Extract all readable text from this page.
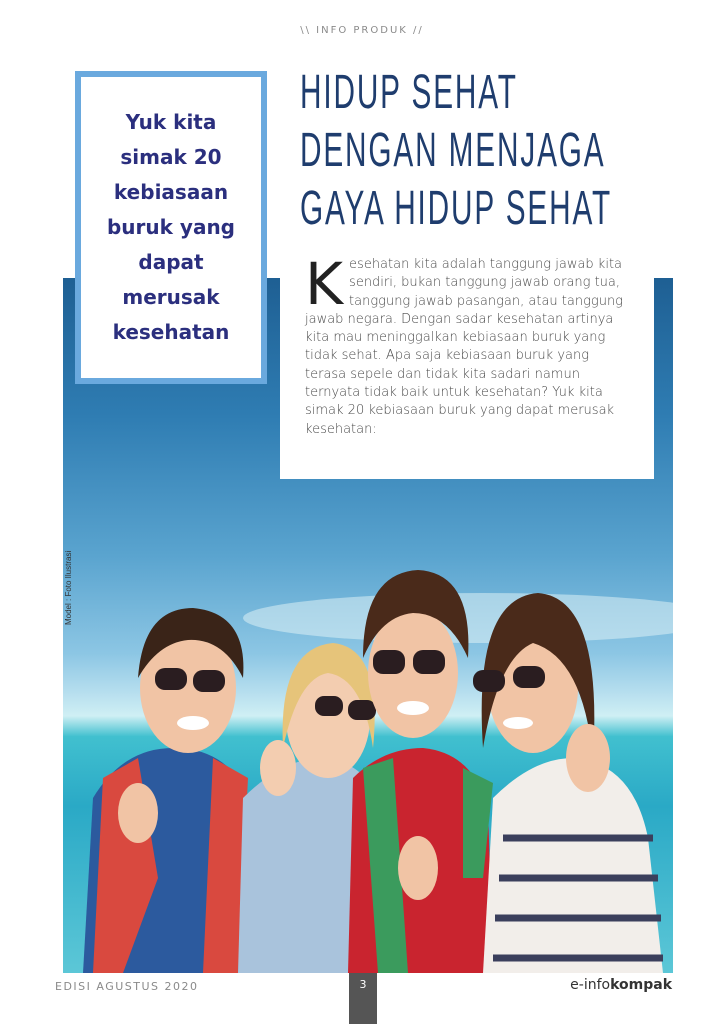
\\ INFO PRODUK //
Model : Foto Ilustrasi

Yuk kita simak 20 kebiasaan buruk yang dapat merusak kesehatan

HIDUP SEHAT
DENGAN MENJAGA
GAYA HIDUP SEHAT

Kesehatan kita adalah tanggung jawab kita sendiri, bukan tanggung jawab orang tua, tanggung jawab pasangan, atau tanggung jawab negara. Dengan sadar kesehatan artinya kita mau meninggalkan kebiasaan buruk yang tidak sehat. Apa saja kebiasaan buruk yang terasa sepele dan tidak kita sadari namun ternyata tidak baik untuk kesehatan? Yuk kita simak 20 kebiasaan buruk yang dapat merusak kesehatan:

EDISI AGUSTUS 2020	3	e-infokompak
